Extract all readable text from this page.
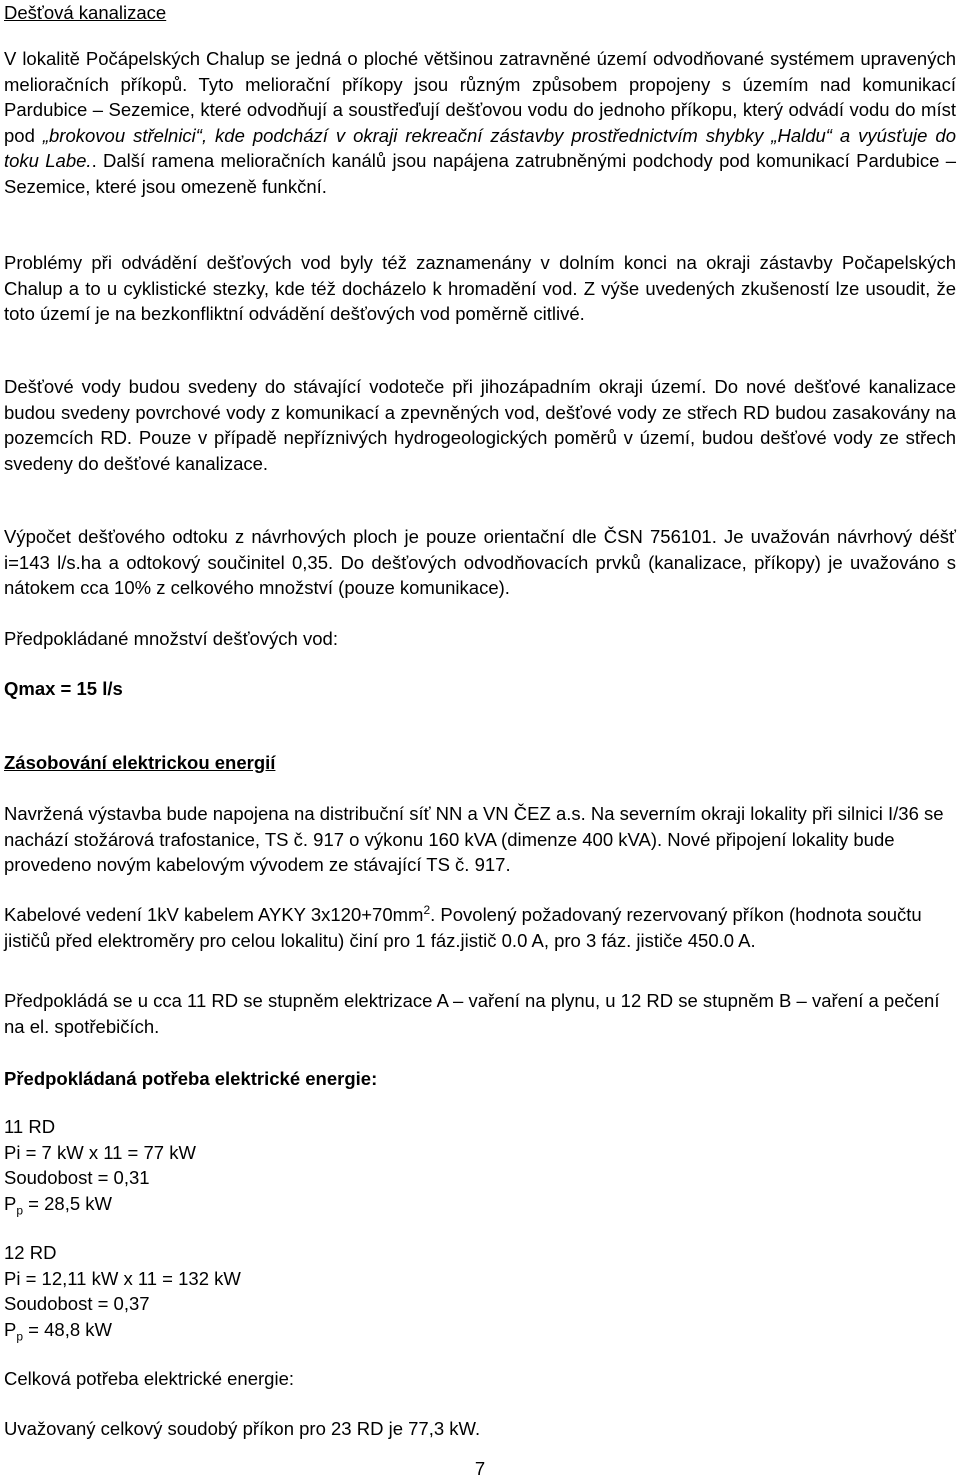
Dešťová kanalizace

V lokalitě Počápelských Chalup se jedná o ploché většinou zatravněné území odvodňované systémem upravených melioračních příkopů. Tyto meliorační příkopy jsou různým způsobem propojeny s územím nad komunikací Pardubice – Sezemice, které odvodňují a soustřeďují dešťovou vodu do jednoho příkopu, který odvádí vodu do míst pod „brokovou střelnici“, kde podchází v okraji rekreační zástavby prostřednictvím shybky „Haldu“ a vyúsťuje do toku Labe.. Další ramena melioračních kanálů jsou napájena zatrubněnými podchody pod komunikací Pardubice – Sezemice, které jsou omezeně funkční.

Problémy při odvádění dešťových vod byly též zaznamenány v dolním konci na okraji zástavby Počapelských Chalup a to u cyklistické stezky, kde též docházelo k hromadění vod. Z výše uvedených zkušeností lze usoudit, že toto území je na bezkonfliktní odvádění dešťových vod poměrně citlivé.

Dešťové vody budou svedeny do stávající vodoteče při jihozápadním okraji území. Do nové dešťové kanalizace budou svedeny povrchové vody z komunikací a zpevněných vod, dešťové vody ze střech RD budou zasakovány na pozemcích RD. Pouze v případě nepříznivých hydrogeologických poměrů v území, budou dešťové vody ze střech svedeny do dešťové kanalizace.

Výpočet dešťového odtoku z návrhových ploch je pouze orientační dle ČSN 756101. Je uvažován návrhový déšť i=143 l/s.ha a odtokový součinitel 0,35. Do dešťových odvodňovacích prvků (kanalizace, příkopy) je uvažováno s nátokem cca 10% z celkového množství (pouze komunikace).

Předpokládané množství dešťových vod:

Qmax = 15 l/s

Zásobování elektrickou energií

Navržená výstavba bude napojena na distribuční síť NN a VN ČEZ a.s. Na severním okraji lokality při silnici I/36 se nachází stožárová trafostanice, TS č. 917 o výkonu 160 kVA (dimenze 400 kVA). Nové připojení lokality bude provedeno novým kabelovým vývodem ze stávající TS č. 917.

Kabelové vedení 1kV kabelem AYKY $3x120+70mm^2$. Povolený požadovaný rezervovaný příkon (hodnota součtu jističů před elektroměry pro celou lokalitu) činí pro 1 fáz.jistič 0.0 A, pro 3 fáz. jističe 450.0 A.

Předpokládá se u cca 11 RD se stupněm elektrizace A – vaření na plynu, u 12 RD se stupněm B – vaření a pečení na el. spotřebičích.

Předpokládaná potřeba elektrické energie:

11 RD

Pi = 7 kW x 11 = 77 kW

Soudobost = 0,31

$P_p = 28,5$ kW

12 RD

Pi = 12,11 kW x 11 = 132 kW

Soudobost = 0,37

$P_p = 48,8$ kW

Celková potřeba elektrické energie:

Uvažovaný celkový soudobý příkon pro 23 RD je 77,3 kW.

7
